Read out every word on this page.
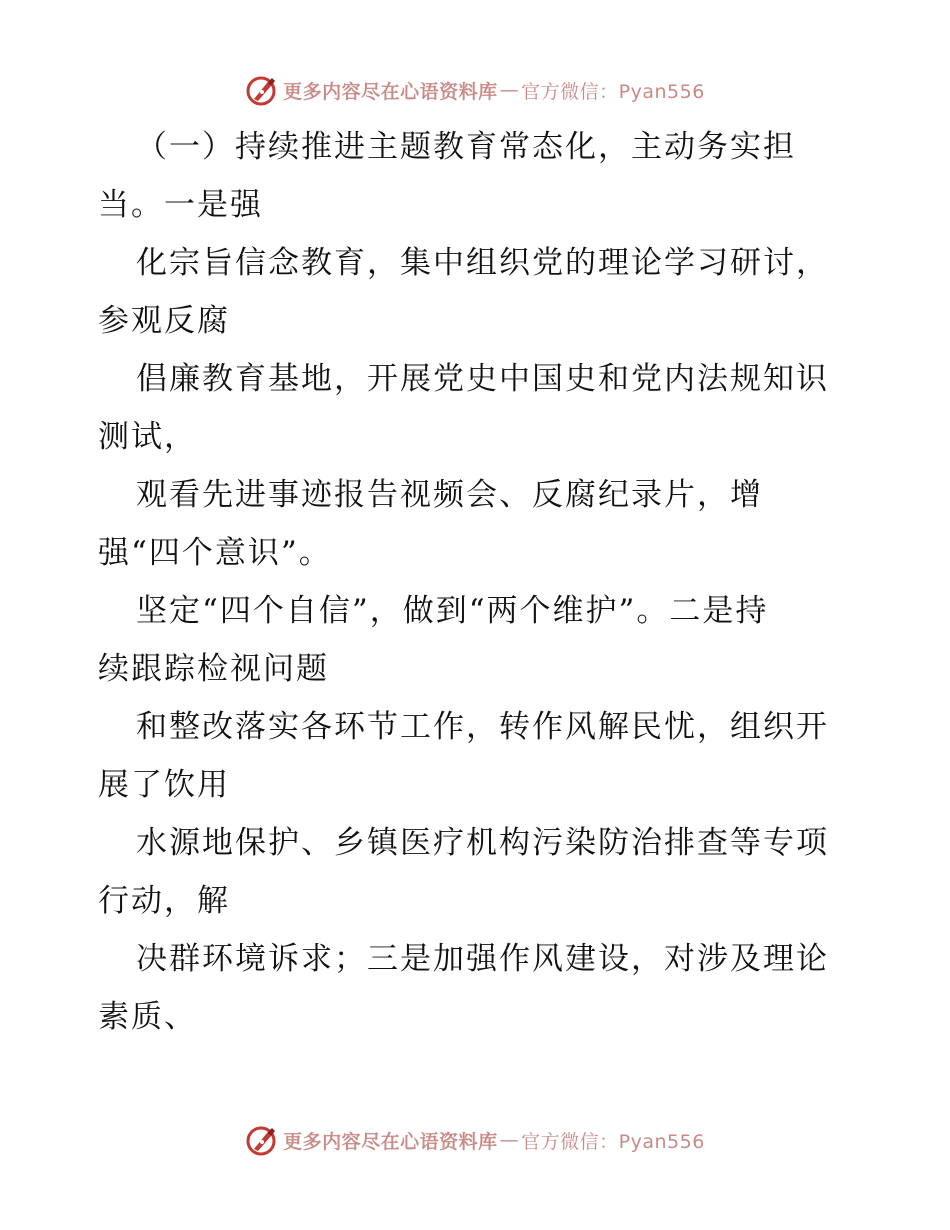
更多内容尽在心语资料库 — 官方微信：Pyan556
（一）持续推进主题教育常态化，主动务实担
当。一是强
化宗旨信念教育，集中组织党的理论学习研讨，
参观反腐
倡廉教育基地，开展党史中国史和党内法规知识
测试，
观看先进事迹报告视频会、反腐纪录片，增
强“四个意识”。
坚定“四个自信”，做到“两个维护”。二是持
续跟踪检视问题
和整改落实各环节工作，转作风解民忧，组织开
展了饮用
水源地保护、乡镇医疗机构污染防治排查等专项
行动，解
决群环境诉求；三是加强作风建设，对涉及理论
素质、
更多内容尽在心语资料库 — 官方微信：Pyan556
